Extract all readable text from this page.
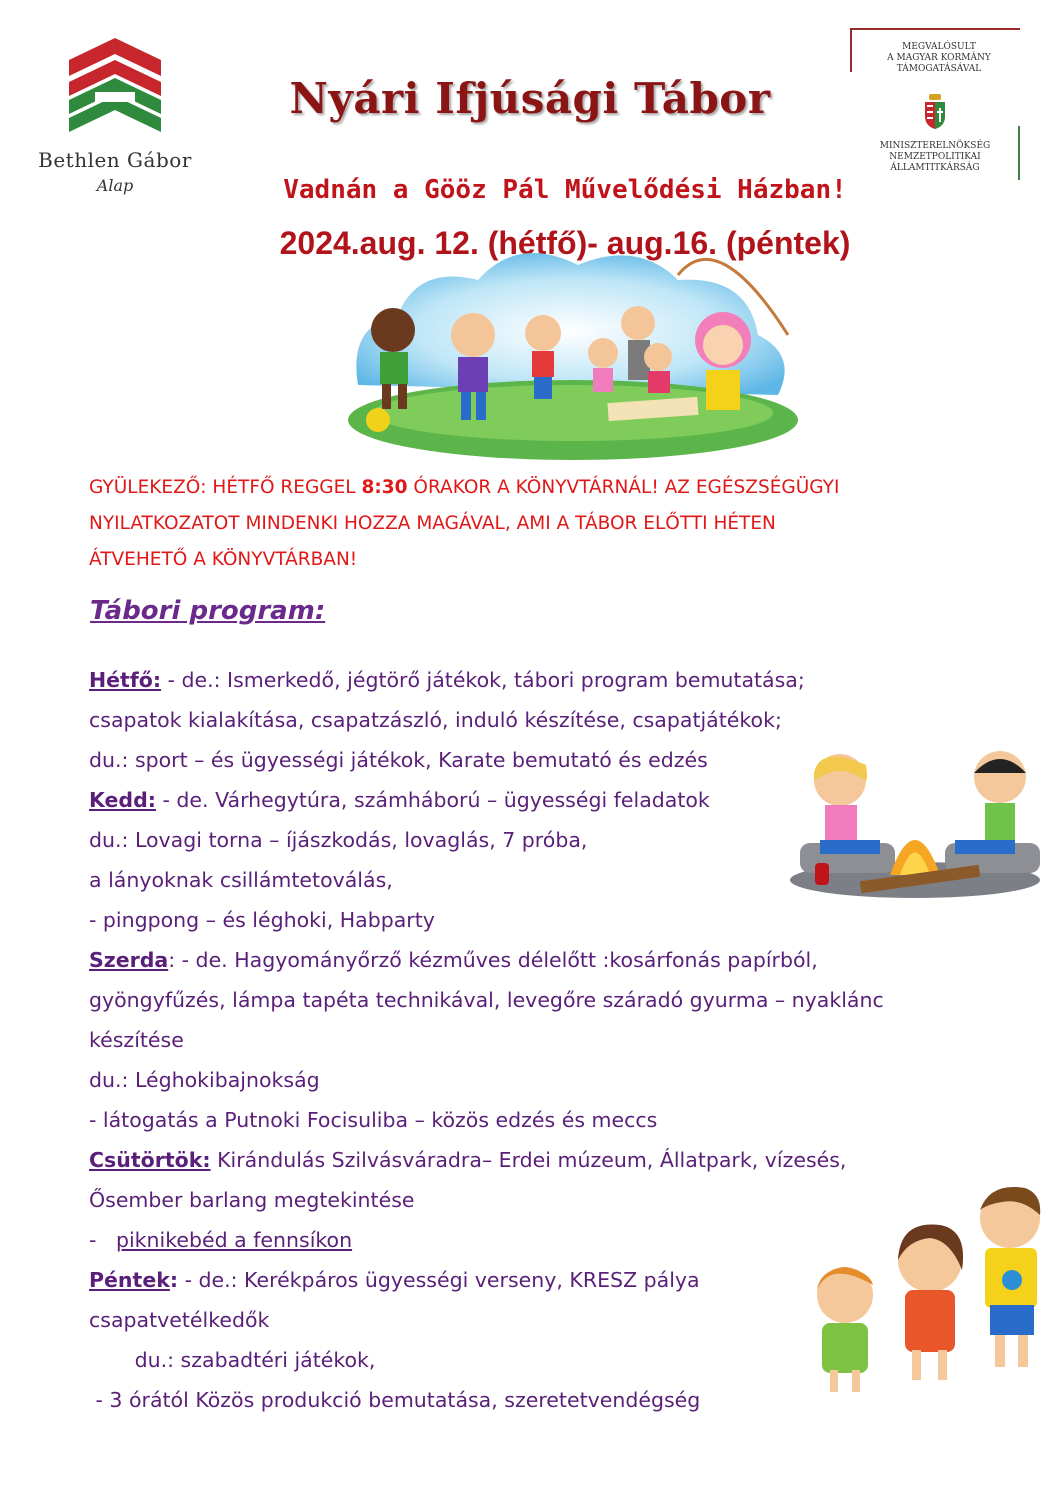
Bethlen Gábor
Alap
MEGVALÓSULT
A MAGYAR KORMÁNY
TÁMOGATÁSÁVAL
MINISZTERELNÖKSÉG
NEMZETPOLITIKAI ÁLLAMTITKÁRSÁG
Nyári Ifjúsági Tábor
Vadnán a Gööz Pál Művelődési Házban!
2024.aug. 12. (hétfő)- aug.16. (péntek)
GYÜLEKEZŐ: HÉTFŐ REGGEL 8:30 ÓRAKOR A KÖNYVTÁRNÁL! AZ EGÉSZSÉGÜGYI
NYILATKOZATOT MINDENKI HOZZA MAGÁVAL, AMI A TÁBOR ELŐTTI HÉTEN
ÁTVEHETŐ A KÖNYVTÁRBAN!
Tábori program:
Hétfő: - de.: Ismerkedő, jégtörő játékok, tábori program bemutatása;
csapatok kialakítása, csapatzászló, induló készítése, csapatjátékok;
du.: sport – és ügyességi játékok, Karate bemutató és edzés
Kedd: - de. Várhegytúra, számháború – ügyességi feladatok
du.: Lovagi torna – íjászkodás, lovaglás, 7 próba,
a lányoknak csillámtetoválás,
- pingpong – és léghoki, Habparty
Szerda: - de. Hagyományőrző kézműves délelőtt :kosárfonás papírból,
gyöngyfűzés, lámpa tapéta technikával, levegőre száradó gyurma – nyaklánc
készítése
du.: Léghokibajnokság
- látogatás a Putnoki Focisuliba – közös edzés és meccs
Csütörtök: Kirándulás Szilvásváradra– Erdei múzeum, Állatpark, vízesés,
Ősember barlang megtekintése
-   piknikebéd a fennsíkon
Péntek: - de.: Kerékpáros ügyességi verseny, KRESZ pálya
csapatvetélkedők
du.: szabadtéri játékok,
- 3 órától Közös produkció bemutatása, szeretetvendégség
